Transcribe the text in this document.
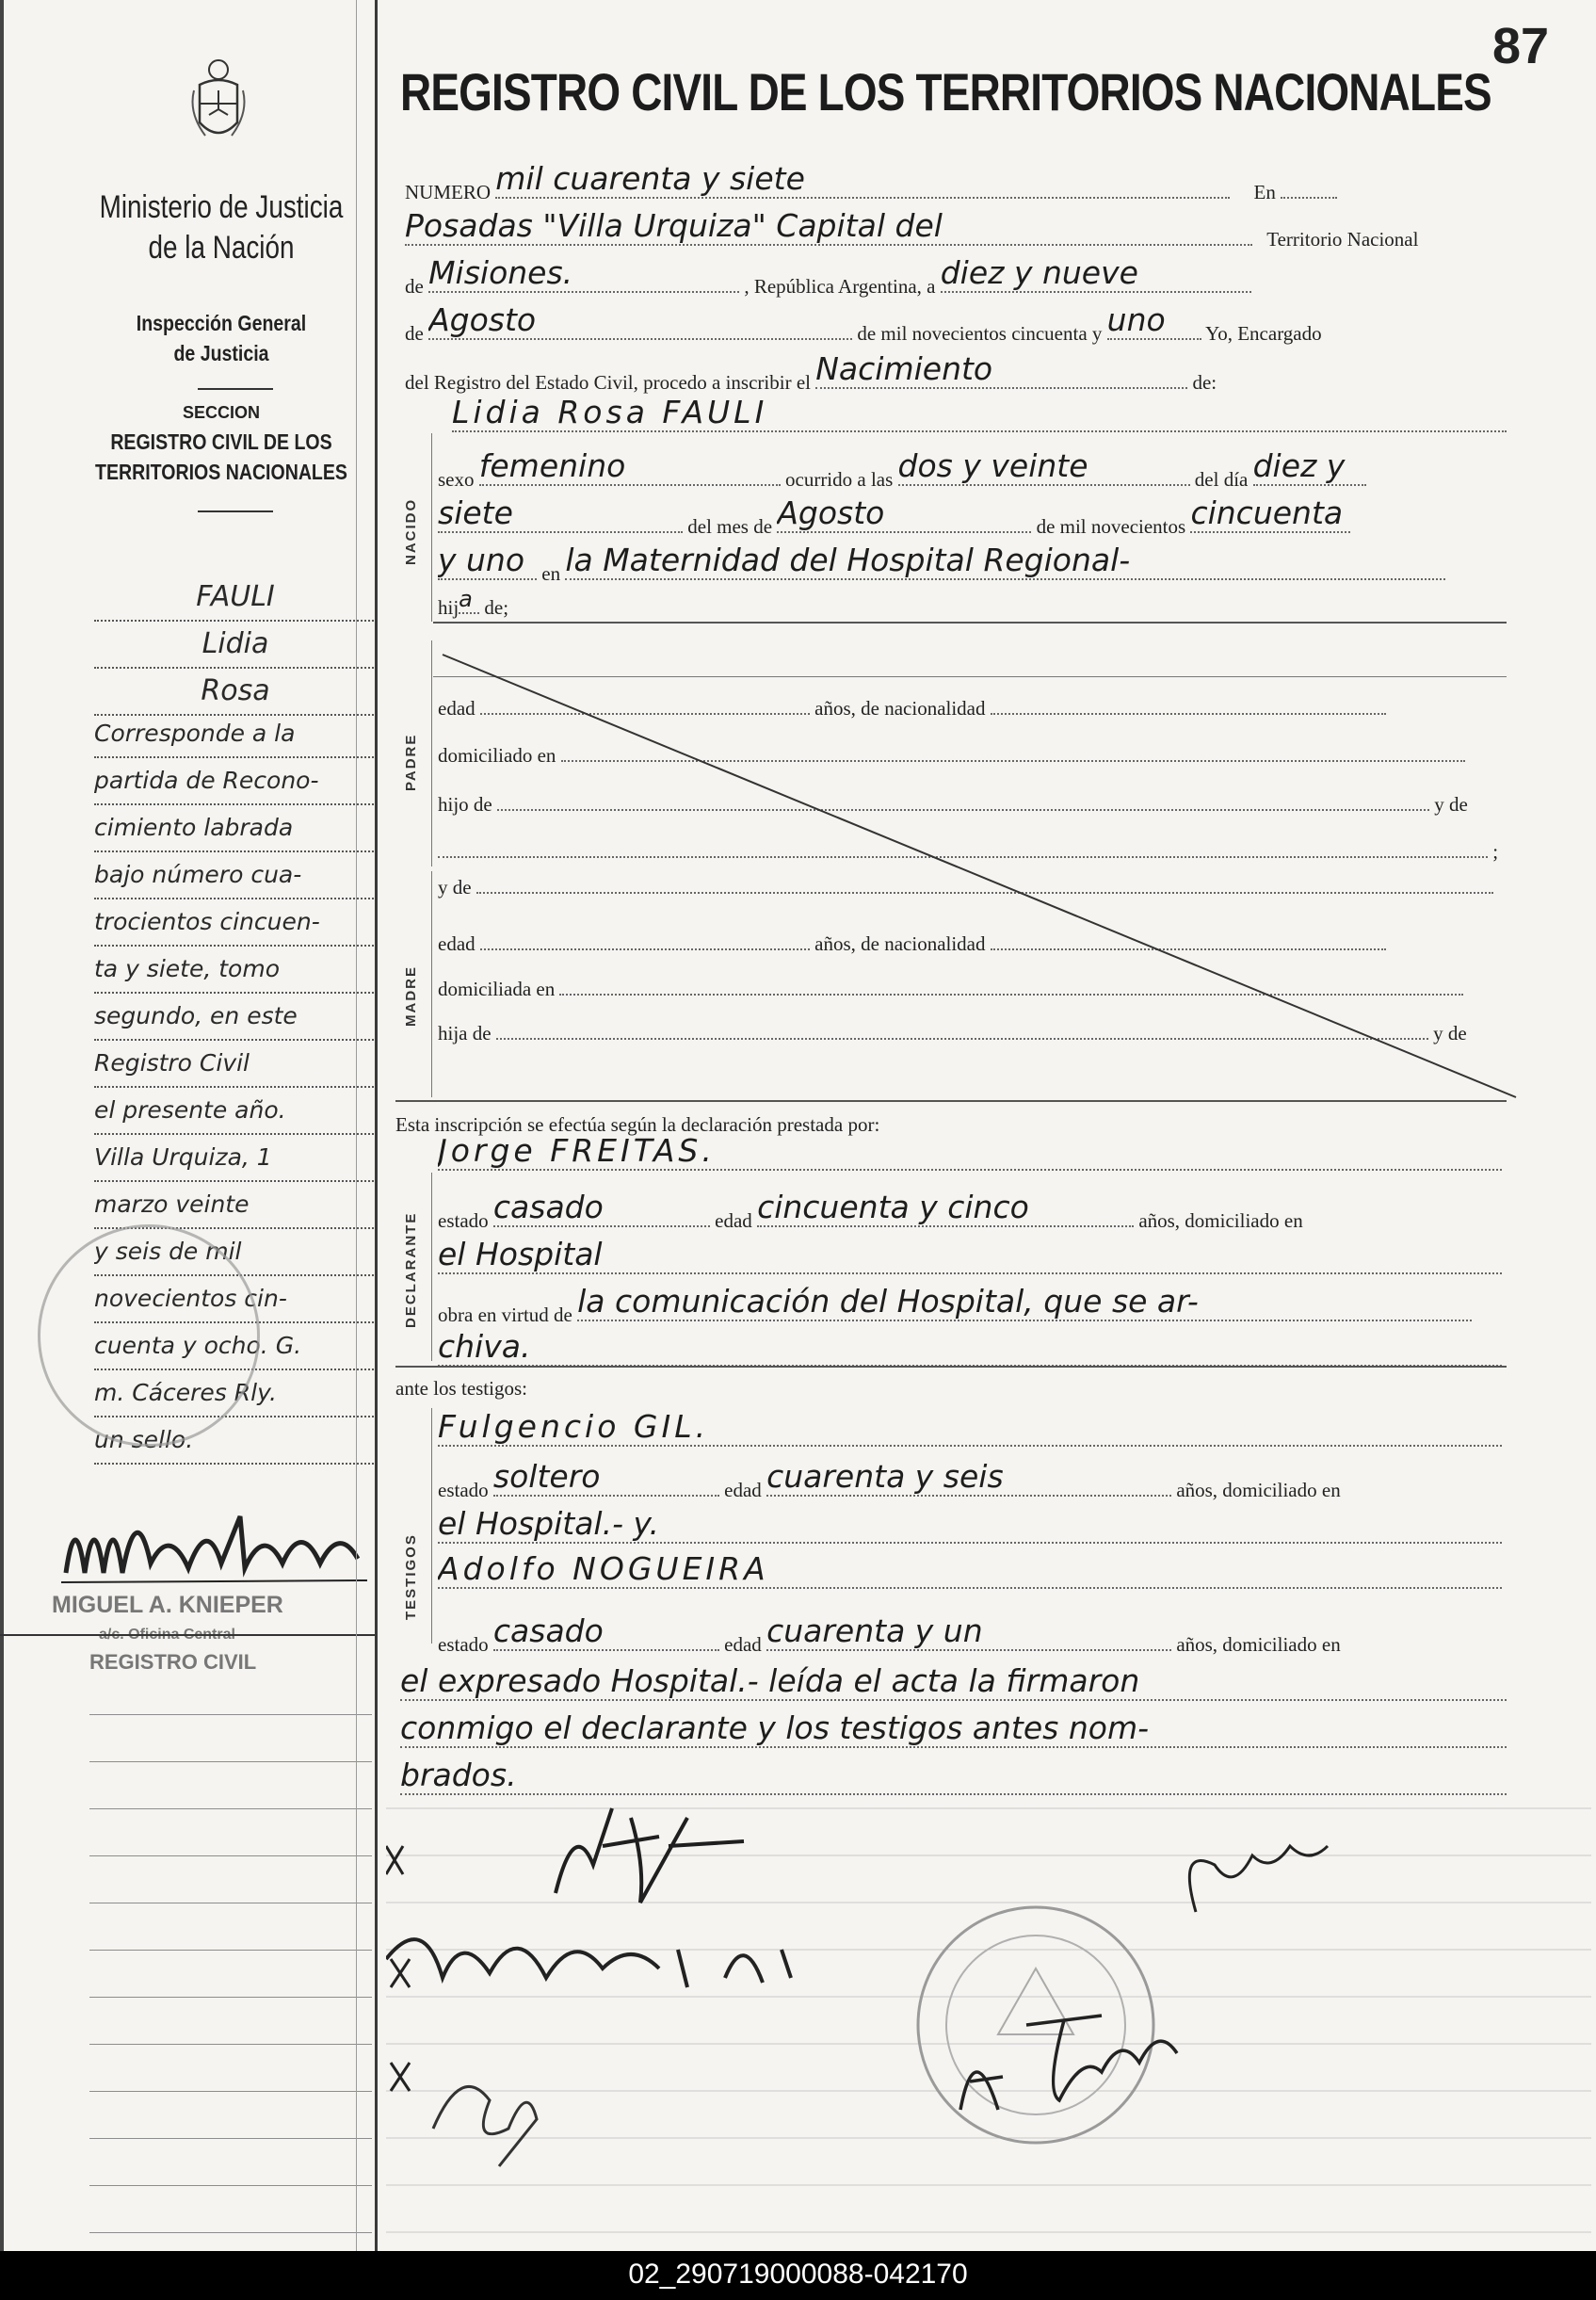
Ministerio de Justicia
de la Nación
Inspección General
de Justicia
SECCION
REGISTRO CIVIL DE LOS
TERRITORIOS NACIONALES
FAULI
Lidia
Rosa
Corresponde a la
partida de Recono-
cimiento labrada
bajo número cua-
trocientos cincuen-
ta y siete, tomo
segundo, en este
Registro Civil
el presente año.
Villa Urquiza, 1
marzo veinte
y seis de mil
novecientos cin-
cuenta y ocho. G.
m. Cáceres Rly.
un sello.
MIGUEL A. KNIEPER
a/c. Oficina Central
REGISTRO CIVIL
87
REGISTRO CIVIL DE LOS TERRITORIOS NACIONALES
NUMERO mil cuarenta y siete	En
Posadas "Villa Urquiza" Capital del	Territorio Nacional
de Misiones.	, República Argentina, a diez y nueve
de Agosto	de mil novecientos cincuenta y uno Yo, Encargado
del Registro del Estado Civil, procedo a inscribir el Nacimiento	de:
Lidia Rosa FAULI
NACIDO
sexo femenino	ocurrido a las dos y veinte	del día diez y
siete	del mes de Agosto	de mil novecientos cincuenta
y uno en la Maternidad del Hospital Regional-
hija de;
PADRE
edad	años, de nacionalidad
domiciliado en
hijo de	y de
;
MADRE
y de
edad	años, de nacionalidad
domiciliada en
hija de	y de
Esta inscripción se efectúa según la declaración prestada por:
Jorge FREITAS.
DECLARANTE estado casado	edad cincuenta y cinco	años, domiciliado en
el Hospital
obra en virtud de la comunicación del Hospital, que se ar-
chiva.
ante los testigos:
TESTIGOS
Fulgencio GIL.
estado soltero	edad cuarenta y seis	años, domiciliado en
el Hospital.- y.
Adolfo NOGUEIRA
estado casado	edad cuarenta y un	años, domiciliado en
el expresado Hospital.- leída el acta la firmaron
conmigo el declarante y los testigos antes nom-
brados.
02_290719000088-042170
